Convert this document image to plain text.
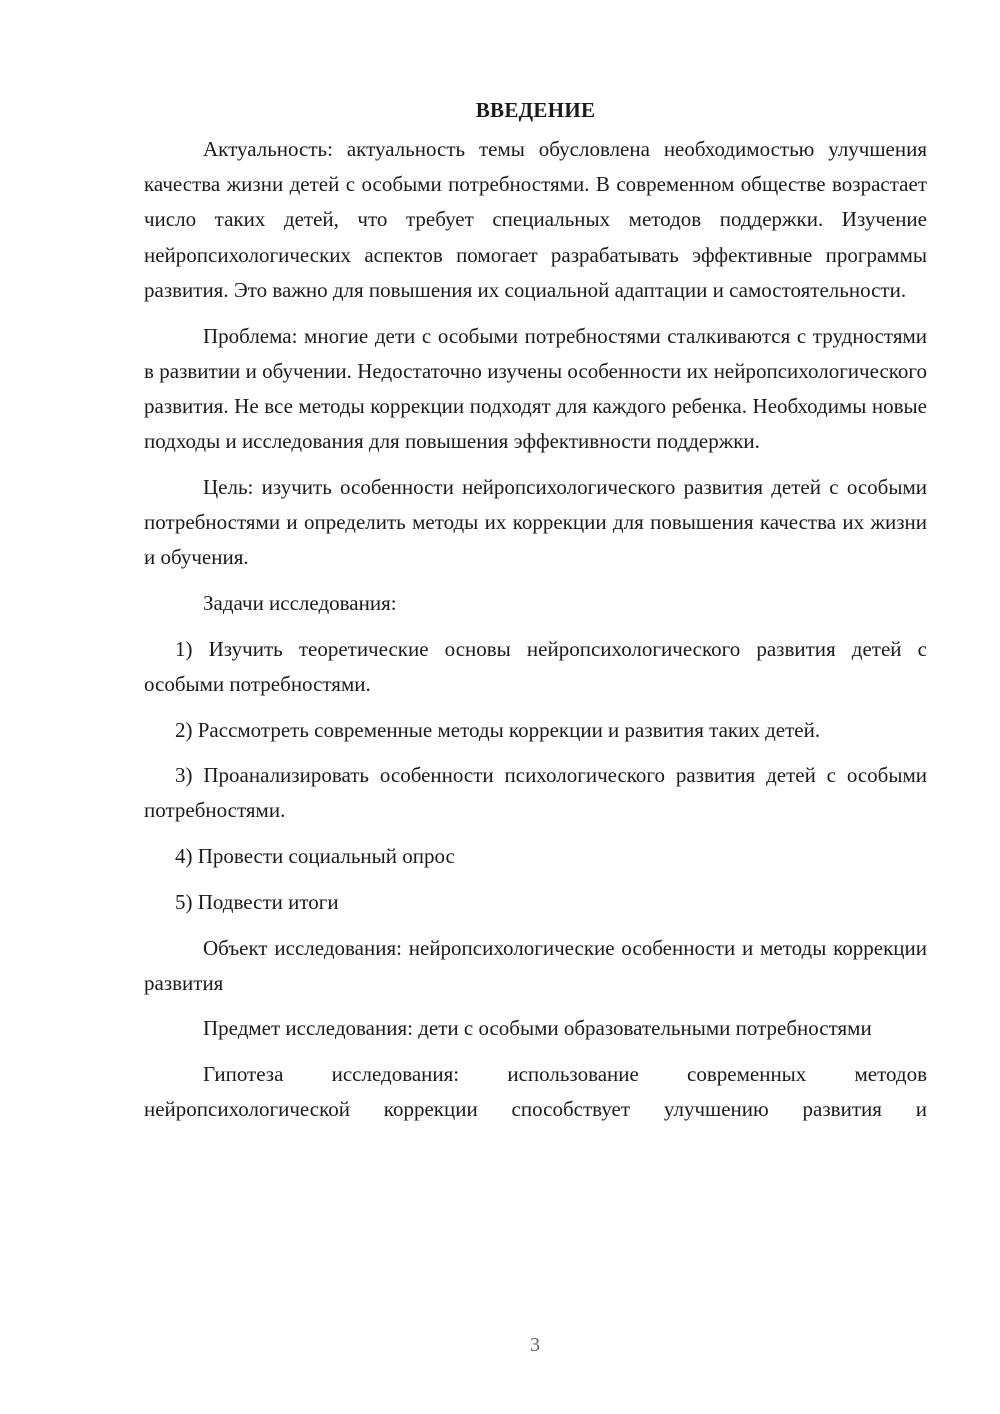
ВВЕДЕНИЕ

Актуальность: актуальность темы обусловлена необходимостью улучшения качества жизни детей с особыми потребностями. В современном обществе возрастает число таких детей, что требует специальных методов поддержки. Изучение нейропсихологических аспектов помогает разрабатывать эффективные программы развития. Это важно для повышения их социальной адаптации и самостоятельности.

Проблема: многие дети с особыми потребностями сталкиваются с трудностями в развитии и обучении. Недостаточно изучены особенности их нейропсихологического развития. Не все методы коррекции подходят для каждого ребенка. Необходимы новые подходы и исследования для повышения эффективности поддержки.

Цель: изучить особенности нейропсихологического развития детей с особыми потребностями и определить методы их коррекции для повышения качества их жизни и обучения.

Задачи исследования:

1) Изучить теоретические основы нейропсихологического развития детей с особыми потребностями.

2) Рассмотреть современные методы коррекции и развития таких детей.

3) Проанализировать особенности психологического развития детей с особыми потребностями.

4) Провести социальный опрос

5) Подвести итоги

Объект исследования: нейропсихологические особенности и методы коррекции развития

Предмет исследования: дети с особыми образовательными потребностями

Гипотеза исследования: использование современных методов нейропсихологической коррекции способствует улучшению развития и

3
